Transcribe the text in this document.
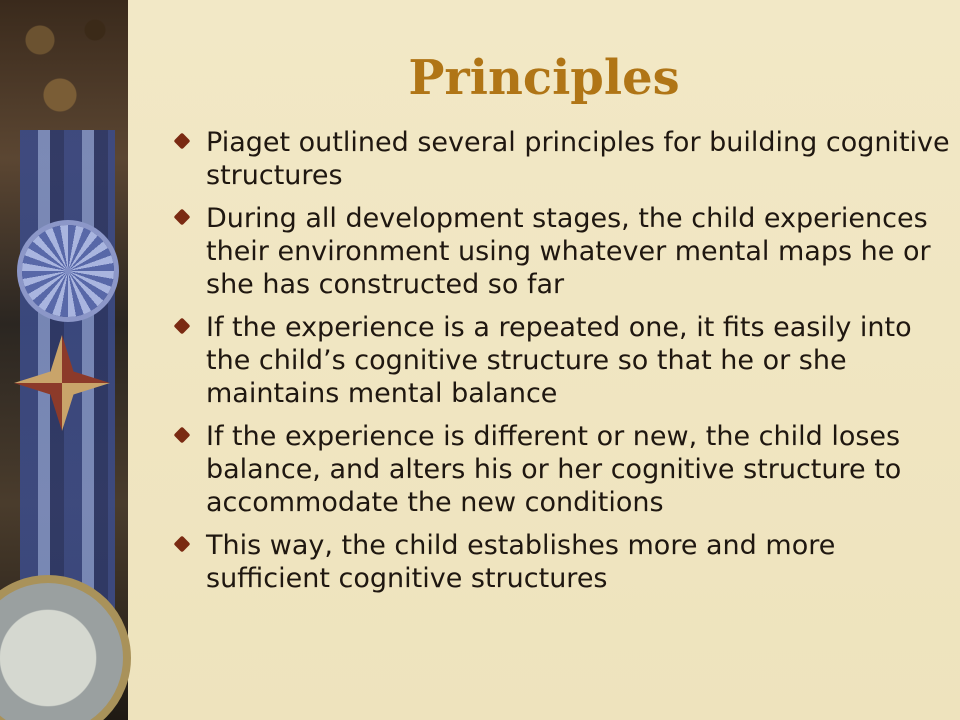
Principles
Piaget outlined several principles for building cognitive structures
During all development stages, the child experiences their environment using whatever mental maps he or she has constructed so far
If the experience is a repeated one, it fits easily into the child’s cognitive structure so that he or she maintains mental balance
If the experience is different or new, the child loses balance, and alters his or her cognitive structure to accommodate the new conditions
This way, the child establishes more and more sufficient cognitive structures
